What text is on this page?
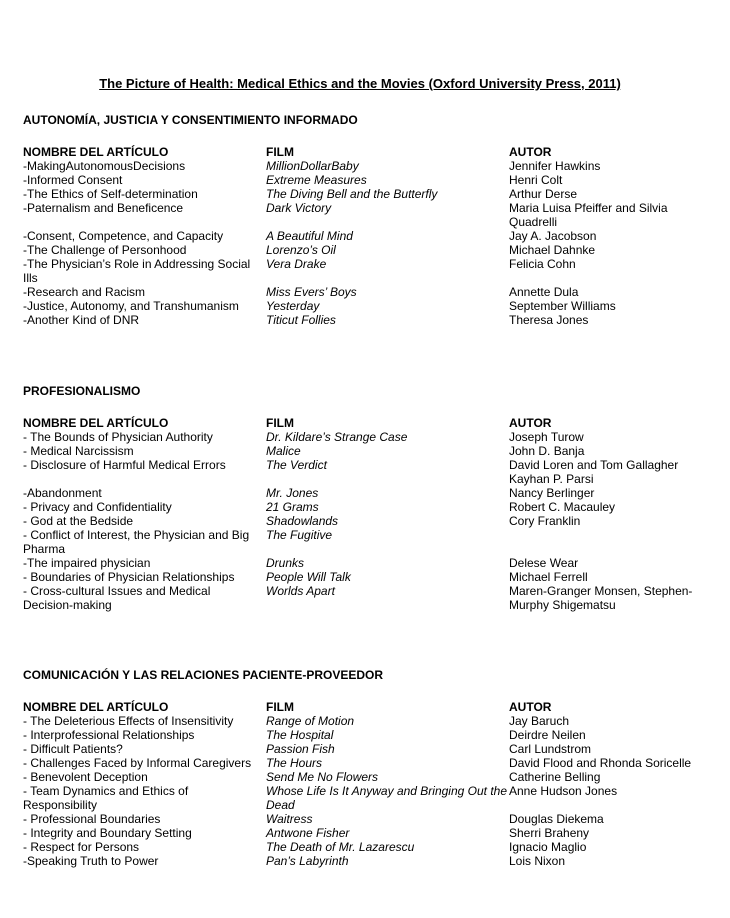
The Picture of Health: Medical Ethics and the Movies (Oxford University Press, 2011)
AUTONOMÍA, JUSTICIA Y CONSENTIMIENTO INFORMADO
NOMBRE DEL ARTÍCULO	FILM	AUTOR
-MakingAutonomousDecisions	MillionDollarBaby	Jennifer Hawkins
-Informed Consent	Extreme Measures	Henri Colt
-The Ethics of Self-determination	The Diving Bell and the Butterfly	Arthur Derse
-Paternalism and Beneficence	Dark Victory	Maria Luisa Pfeiffer and Silvia Quadrelli
-Consent, Competence, and Capacity	A Beautiful Mind	Jay A. Jacobson
-The Challenge of Personhood	Lorenzo’s Oil	Michael Dahnke
-The Physician’s Role in Addressing Social Ills	Vera Drake	Felicia Cohn
-Research and Racism	Miss Evers’ Boys	Annette Dula
-Justice, Autonomy, and Transhumanism	Yesterday	September Williams
-Another Kind of DNR	Titicut Follies	Theresa Jones
PROFESIONALISMO
NOMBRE DEL ARTÍCULO	FILM	AUTOR
- The Bounds of Physician Authority	Dr. Kildare’s Strange Case	Joseph Turow
- Medical Narcissism	Malice	John D. Banja
- Disclosure of Harmful Medical Errors	The Verdict	David Loren and Tom Gallagher Kayhan P. Parsi
-Abandonment	Mr. Jones	Nancy Berlinger
- Privacy and Confidentiality	21 Grams	Robert C. Macauley
- God at the Bedside	Shadowlands	Cory Franklin
- Conflict of Interest, the Physician and Big Pharma	The Fugitive	
-The impaired physician	Drunks	Delese Wear
- Boundaries of Physician Relationships	People Will Talk	Michael Ferrell
- Cross-cultural Issues and Medical Decision-making	Worlds Apart	Maren-Granger Monsen, Stephen-Murphy Shigematsu
COMUNICACIÓN Y LAS RELACIONES PACIENTE-PROVEEDOR
NOMBRE DEL ARTÍCULO	FILM	AUTOR
- The Deleterious Effects of Insensitivity	Range of Motion	Jay Baruch
- Interprofessional Relationships	The Hospital	Deirdre Neilen
- Difficult Patients?	Passion Fish	Carl Lundstrom
- Challenges Faced by Informal Caregivers	The Hours	David Flood and Rhonda Soricelle
- Benevolent Deception	Send Me No Flowers	Catherine Belling
- Team Dynamics and Ethics of Responsibility	Whose Life Is It Anyway and Bringing Out the Dead	Anne Hudson Jones
- Professional Boundaries	Waitress	Douglas Diekema
- Integrity and Boundary Setting	Antwone Fisher	Sherri Braheny
- Respect for Persons	The Death of Mr. Lazarescu	Ignacio Maglio
-Speaking Truth to Power	Pan’s Labyrinth	Lois Nixon
